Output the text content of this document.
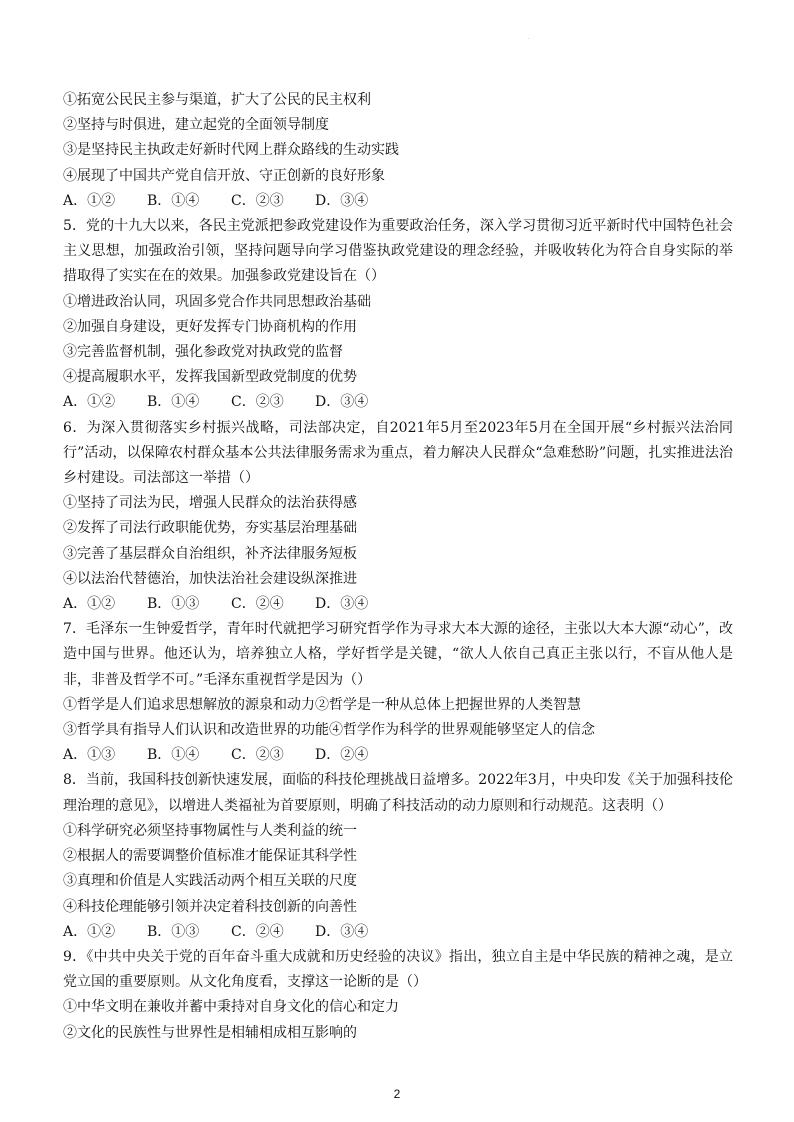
·

①拓宽公民民主参与渠道，扩大了公民的民主权利

②坚持与时俱进，建立起党的全面领导制度

③是坚持民主执政走好新时代网上群众路线的生动实践

④展现了中国共产党自信开放、守正创新的良好形象

A．①②	B．①④	C．②③	D．③④

5．党的十九大以来，各民主党派把参政党建设作为重要政治任务，深入学习贯彻习近平新时代中国特色社会主义思想，加强政治引领，坚持问题导向学习借鉴执政党建设的理念经验，并吸收转化为符合自身实际的举措取得了实实在在的效果。加强参政党建设旨在（）

①增进政治认同，巩固多党合作共同思想政治基础

②加强自身建设，更好发挥专门协商机构的作用

③完善监督机制，强化参政党对执政党的监督

④提高履职水平，发挥我国新型政党制度的优势

A．①②	B．①④	C．②③	D．③④

6．为深入贯彻落实乡村振兴战略，司法部决定，自2021年5月至2023年5月在全国开展“乡村振兴法治同行”活动，以保障农村群众基本公共法律服务需求为重点，着力解决人民群众“急难愁盼”问题，扎实推进法治乡村建设。司法部这一举措（）

①坚持了司法为民，增强人民群众的法治获得感

②发挥了司法行政职能优势，夯实基层治理基础

③完善了基层群众自治组织，补齐法律服务短板

④以法治代替德治，加快法治社会建设纵深推进

A．①②	B．①③	C．②④	D．③④

7．毛泽东一生钟爱哲学，青年时代就把学习研究哲学作为寻求大本大源的途径，主张以大本大源“动心”，改造中国与世界。他还认为，培养独立人格，学好哲学是关键，“欲人人依自己真正主张以行，不盲从他人是非，非普及哲学不可。”毛泽东重视哲学是因为（）

①哲学是人们追求思想解放的源泉和动力②哲学是一种从总体上把握世界的人类智慧

③哲学具有指导人们认识和改造世界的功能④哲学作为科学的世界观能够坚定人的信念

A．①③	B．①④	C．②③	D．②④

8．当前，我国科技创新快速发展，面临的科技伦理挑战日益增多。2022年3月，中央印发《关于加强科技伦理治理的意见》，以增进人类福祉为首要原则，明确了科技活动的动力原则和行动规范。这表明（）

①科学研究必须坚持事物属性与人类利益的统一

②根据人的需要调整价值标准才能保证其科学性

③真理和价值是人实践活动两个相互关联的尺度

④科技伦理能够引领并决定着科技创新的向善性

A．①②	B．①③	C．②④	D．③④

9．《中共中央关于党的百年奋斗重大成就和历史经验的决议》指出，独立自主是中华民族的精神之魂，是立党立国的重要原则。从文化角度看，支撑这一论断的是（）

①中华文明在兼收并蓄中秉持对自身文化的信心和定力

②文化的民族性与世界性是相辅相成相互影响的

2
